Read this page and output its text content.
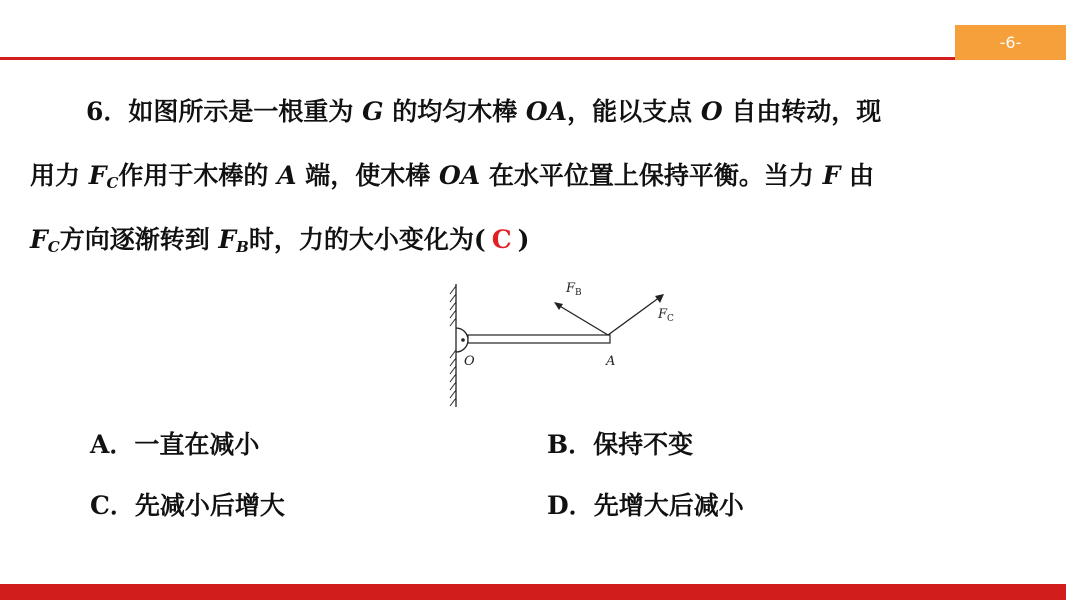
-6-
6．如图所示是一根重为 G 的均匀木棒 OA，能以支点 O 自由转动，现
用力 $F_C$作用于木棒的 A 端，使木棒 OA 在水平位置上保持平衡。当力 F 由
$F_C$方向逐渐转到 $F_B$时，力的大小变化为( C )
O	A
$F_B$
$F_C$
A．一直在减小	B．保持不变
C．先减小后增大	D．先增大后减小
